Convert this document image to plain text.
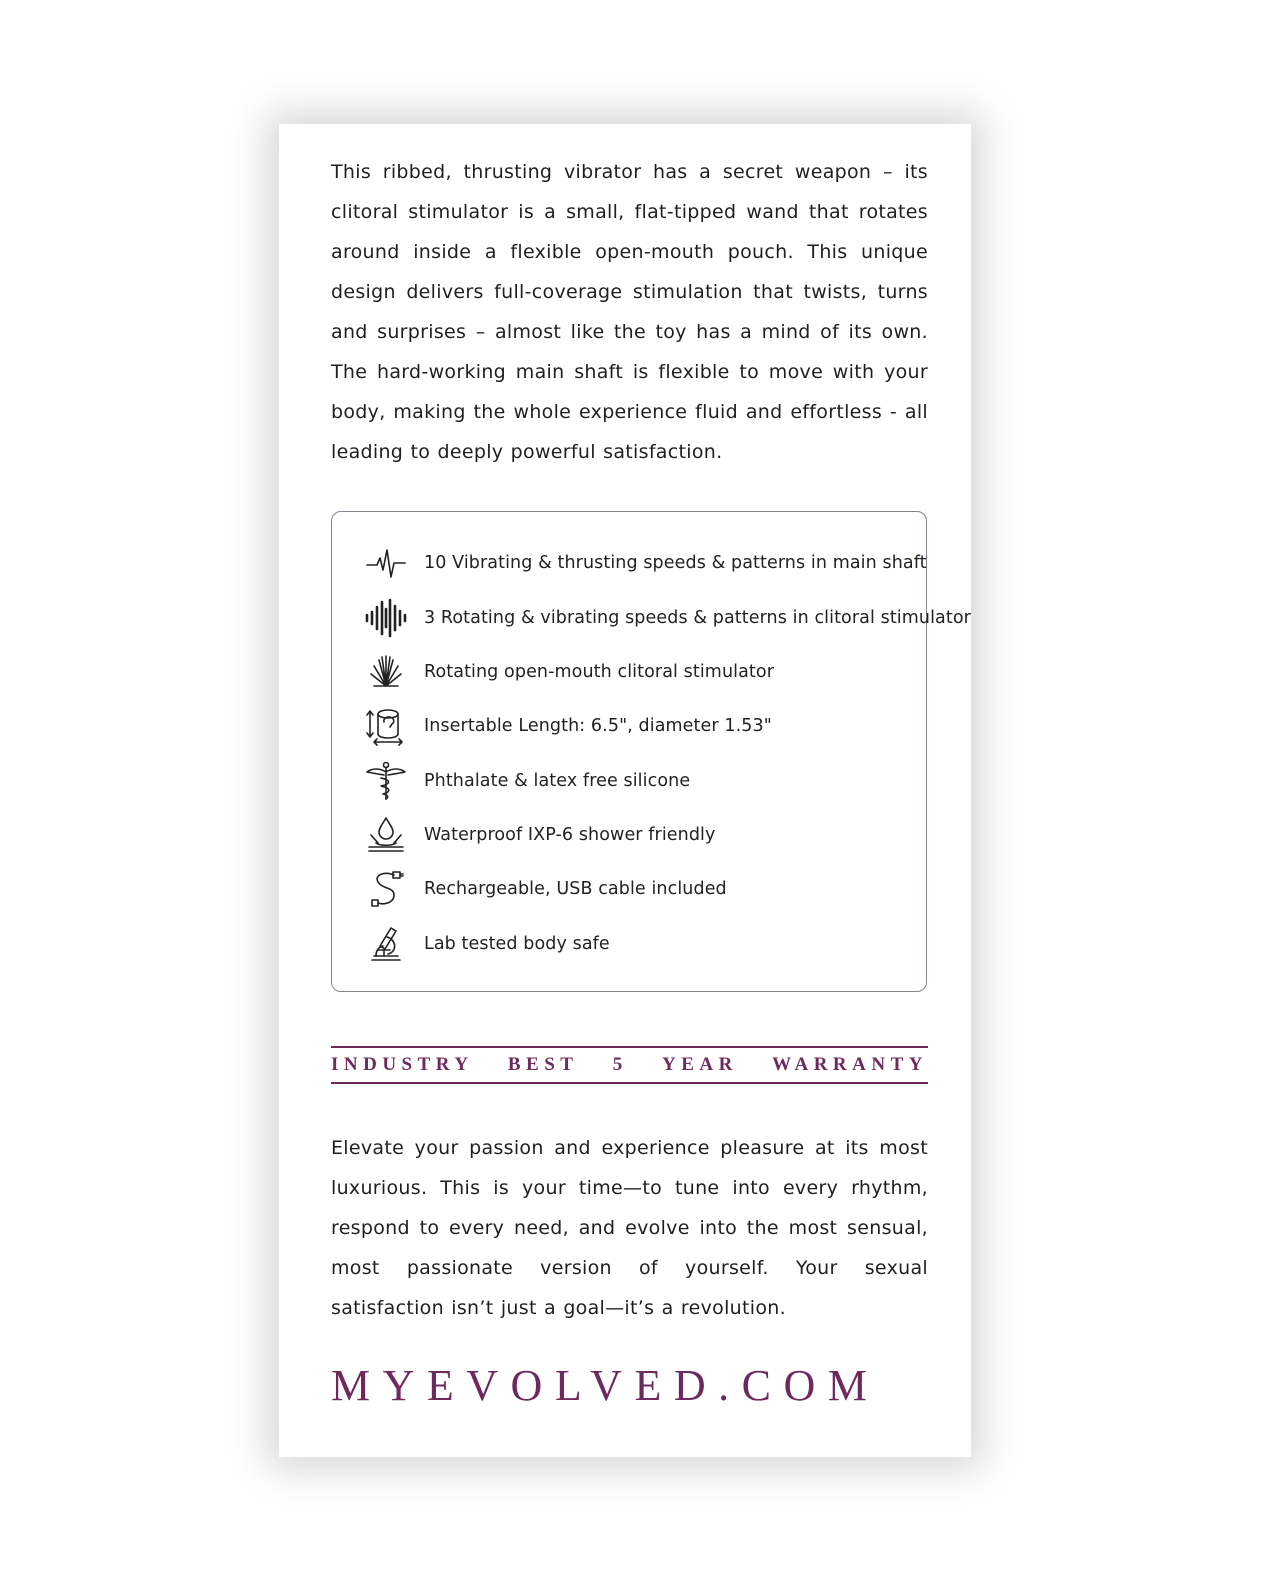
This ribbed, thrusting vibrator has a secret weapon – its clitoral stimulator is a small, flat-tipped wand that rotates around inside a flexible open-mouth pouch. This unique design delivers full-coverage stimulation that twists, turns and surprises – almost like the toy has a mind of its own. The hard-working main shaft is flexible to move with your body, making the whole experience fluid and effortless - all leading to deeply powerful satisfaction.

10 Vibrating & thrusting speeds & patterns in main shaft
3 Rotating & vibrating speeds & patterns in clitoral stimulator
Rotating open-mouth clitoral stimulator
Insertable Length: 6.5", diameter 1.53"
Phthalate & latex free silicone
Waterproof IXP-6 shower friendly
Rechargeable, USB cable included
Lab tested body safe
INDUSTRY BEST 5 YEAR WARRANTY

Elevate your passion and experience pleasure at its most luxurious. This is your time—to tune into every rhythm, respond to every need, and evolve into the most sensual, most passionate version of yourself. Your sexual satisfaction isn’t just a goal—it’s a revolution.

MYEVOLVED.COM
